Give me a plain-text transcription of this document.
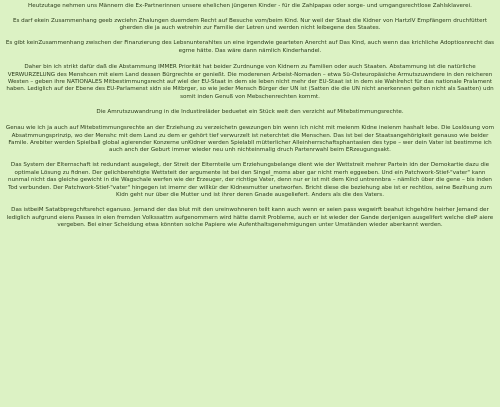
Heutzutage nehmen uns Männern die Ex-Partnerinnen unsere ehelichen jüngeren Kinder - für die Zahlpapas oder sorge- und umgangsrechtlose Zahlsklaverei.

Es darf ekein Zusammenhang geeb zwciehn Zhalungen duemdem Recht auf Besuche vom/beim Kind. Nur weil der Staat die Kidner von HartzIV Empfängern druchfüttert gherden die ja auch wetrehin zur Familie der Letren und werden nicht leibegene des Staates.

Es gibt keinZusammenhang zwischen der Finanzierung des Lebsnunterahltes un eine irgendwie gearteten Anercht auf Das Kind, auch wenn das krichliche Adoptiosnrecht das egrne hätte. Das wäre dann nämlich Kinderhandel.

Daher bin ich strikt dafür daß die Abstammung IMMER Priorität hat beider Zurdnunge von Kidnern zu Familien oder auch Staaten. Abstammung ist die natürliche VERWURZELUNG des Menshcen mit eiem Land dessen Bürgrechte er genießt. Die moderenen Arbeist-Nomaden – etwa 5ü-Osteuropäsiche Armutszuwndere in den reicheren Westen – geben ihre NATIONALES Mitbestimmungsrecht auf wiel der EU-Staat in dem sie leben nicht mehr der EU-Staat ist in dem sie Wahlrehct für das nationale Pralament haben. Lediglich auf der Ebene des EU-Parlamenst sidn sie Mitbrger, so wie jeder Mensch Bürger der UN ist (Satten die die UN nicht anerkennen gelten nicht als Saatten) udn somit inden Genuß von Mebschenrechten kommt.

Die Amrutszuwandrung in die Industireläder beduetet ein Stück weit den verzicht auf Mitebstimmungsrechte.

Genau wie ich ja auch auf Mitebstimmungsrechte an der Erziehung zu verzeichetn gewzungen bin wenn ich nicht mit meienm Kidne ineienm hashalt lebe. Die Loslösung vom Absatmmungsprinzip, wo der Menshc mit dem Land zu dem er gehört tief verwurzelt ist neterchtet die Menschen. Das ist bei der Staatsangehörigkeit genauso wie beider Famile. Arebiter werden Spielball global agierender Konzerne unKidner werden Spielabll mütterlicher Alleinherrschaftsphantasien des type – wer dein Vater ist bestimme ich auch anch der Geburt immer wieder neu unh nichteinmalig druch Partenrwahl beim ERzeugungsakt.

Das System der Elternschaft ist redundant ausgelegt, der Streit der Elternteile um Erziehungsbelange dient wie der Wettstreit mehrer Partein idn der Demokartie dazu die optimale Lösung zu fidnen. Der gelichberehtigte Wettsteit der argumente ist bei den Singel_moms aber gar nicht merh eggeeben. Und ein Patchwork-Stief-"vater" kann nunmal nicht das gleiche gewicht in die Wagschale werfen wie der Erzeuger, der richtige Vater, denn nur er ist mit dem Kind untrennbra – nämlich über die gene – bis inden Tod verbunden. Der Patchwork-Stief-"vater" hingegen ist imemr der willkür der Kidnesmutter unetworfen. Bricht diese die beziehung abe ist er rechtlos, seine Bezihung zum Kidn geht nur über die Mutter und ist ihrer deren Gnade ausgeliefert. Anders als die des Vaters.

Das istbeiM Satatbpregchftsrehct eganuso. Jemand der das blut mit den ureinwohneren teilt kann auch wenn er seien pass wegwirft beahut ichgehöre heirher Jemand der lediglich aufgrund eiens Passes in eien fremden Volkssattm aufgenommern wird hätte damit Probleme, auch er ist wieder der Gande derjenigen ausgelifert welche dieP aiere vergeben. Bei einer Scheidung etwa könnten solche Papiere wie Aufenthaltsgenehmigungen unter Umständen wieder aberkannt werden.
